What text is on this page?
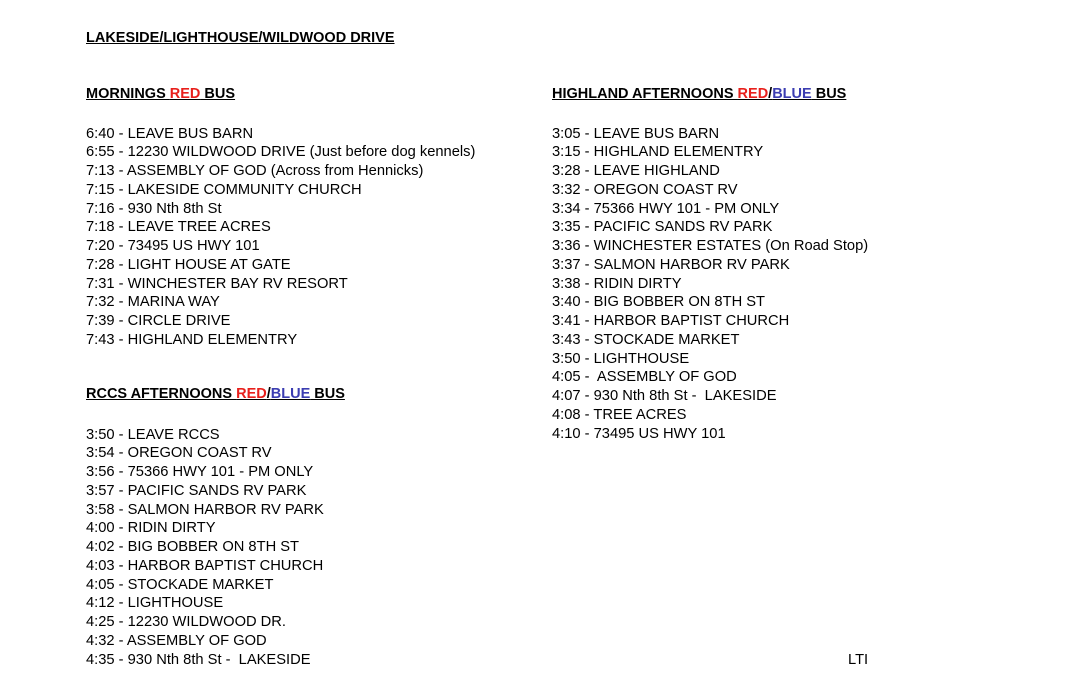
LAKESIDE/LIGHTHOUSE/WILDWOOD DRIVE
MORNINGS RED BUS
6:40 - LEAVE BUS BARN
6:55 - 12230 WILDWOOD DRIVE (Just before dog kennels)
7:13 - ASSEMBLY OF GOD (Across from Hennicks)
7:15 - LAKESIDE COMMUNITY CHURCH
7:16 - 930 Nth 8th St
7:18 - LEAVE TREE ACRES
7:20 - 73495 US HWY 101
7:28 - LIGHT HOUSE AT GATE
7:31 - WINCHESTER BAY RV RESORT
7:32 - MARINA WAY
7:39 - CIRCLE DRIVE
7:43 - HIGHLAND ELEMENTRY
RCCS AFTERNOONS RED/BLUE BUS
3:50 - LEAVE RCCS
3:54 - OREGON COAST RV
3:56 - 75366 HWY 101 - PM ONLY
3:57 - PACIFIC SANDS RV PARK
3:58 - SALMON HARBOR RV PARK
4:00 - RIDIN DIRTY
4:02 - BIG BOBBER ON 8TH ST
4:03 - HARBOR BAPTIST CHURCH
4:05 - STOCKADE MARKET
4:12 - LIGHTHOUSE
4:25 - 12230 WILDWOOD DR.
4:32 - ASSEMBLY OF GOD
4:35 - 930 Nth 8th St -  LAKESIDE
HIGHLAND AFTERNOONS RED/BLUE BUS
3:05 - LEAVE BUS BARN
3:15 - HIGHLAND ELEMENTRY
3:28 - LEAVE HIGHLAND
3:32 - OREGON COAST RV
3:34 - 75366 HWY 101 - PM ONLY
3:35 - PACIFIC SANDS RV PARK
3:36 - WINCHESTER ESTATES (On Road Stop)
3:37 - SALMON HARBOR RV PARK
3:38 - RIDIN DIRTY
3:40 - BIG BOBBER ON 8TH ST
3:41 - HARBOR BAPTIST CHURCH
3:43 - STOCKADE MARKET
3:50 - LIGHTHOUSE
4:05 -  ASSEMBLY OF GOD
4:07 - 930 Nth 8th St -  LAKESIDE
4:08 - TREE ACRES
4:10 - 73495 US HWY 101
LTI
